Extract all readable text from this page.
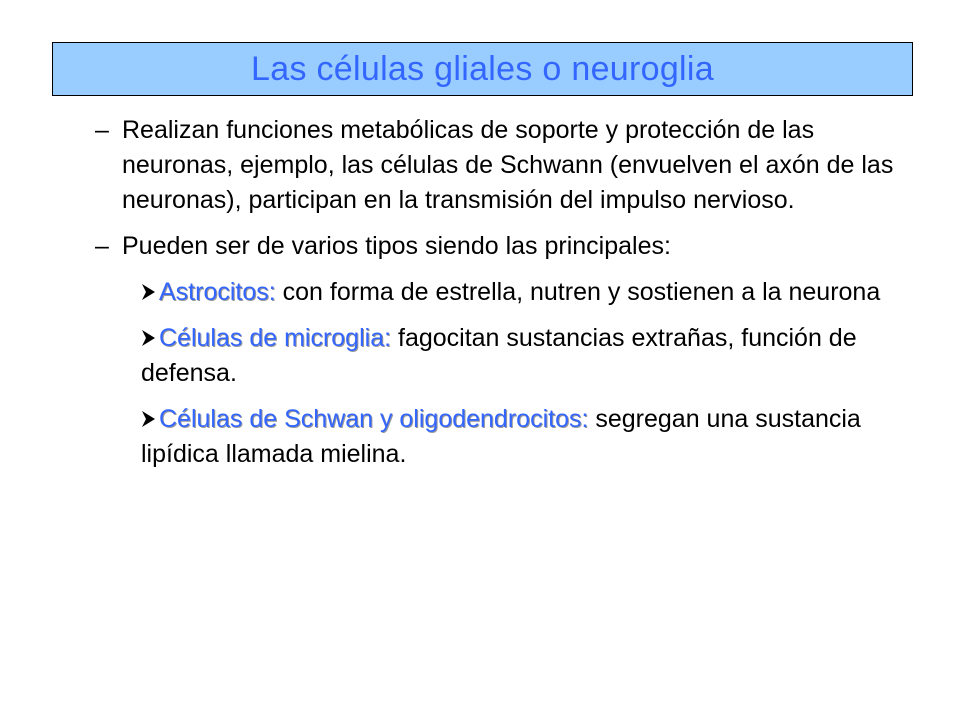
Las células gliales o neuroglia
– Realizan funciones metabólicas de soporte y protección de las neuronas, ejemplo, las células de Schwann (envuelven el axón de las neuronas), participan en la transmisión del impulso nervioso.
– Pueden ser de varios tipos siendo las principales:
Astrocitos: con forma de estrella, nutren y sostienen a la neurona
Células de microglia: fagocitan sustancias extrañas, función de defensa.
Células de Schwan y oligodendrocitos: segregan una sustancia lipídica llamada mielina.
